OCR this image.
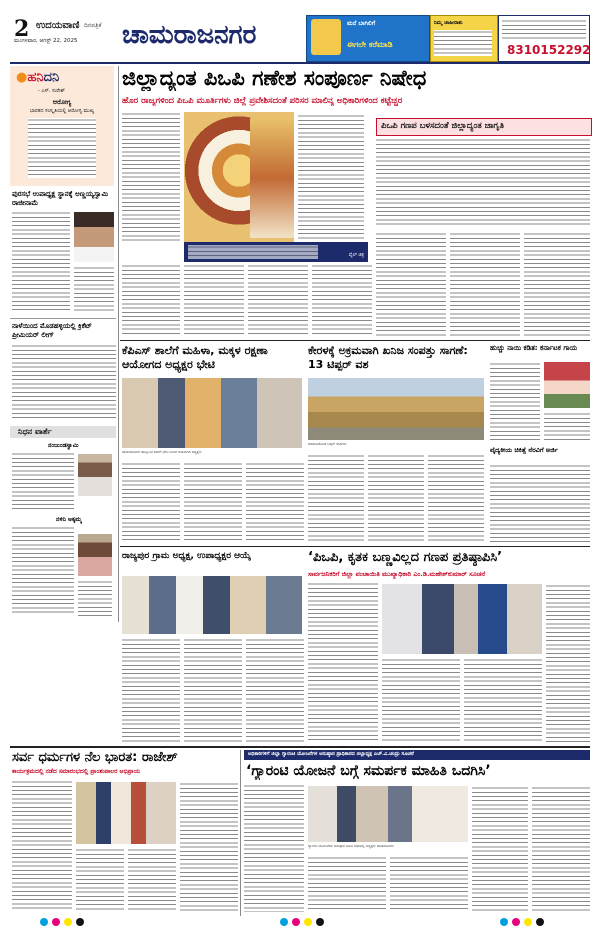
2 ಉದಯವಾಣಿ ದಿನಪತ್ರಿಕೆ
ಮಂಗಳವಾರ, ಆಗಸ್ಟ್ 22, 2025 ಚಾಮರಾಜನಗರ	ಮನೆ ಬಾಗಿಲಿಗೆ
ಈಗಲೇ ಕರೆಮಾಡಿ
ನಿಮ್ಮ ಜಾಹೀರಾತು
8310152292
●ಹನಿದನಿ
- ಎಸ್. ಸುರೇಶ್
ಆರೋಗ್ಯ
ಭಾರತದ ಸಂಸ್ಕೃತಿಯಲ್ಲಿ ಆರೋಗ್ಯ ಮುಖ್ಯ
ಪುರಸಭೆ ಉಪಾಧ್ಯಕ್ಷ ಸ್ಥಾನಕ್ಕೆ ಅಣ್ಣಯ್ಯಸ್ವಾಮಿ ರಾಜೀನಾಮೆ
ನಾಳೆಯಿಂದ ಮೊಡಹಳ್ಳಿಯಲ್ಲಿ ಕ್ರಿಕೆಟ್ ಪ್ರೀಮಿಯರ್ ಲೀಗ್
ನಿಧನ ವಾರ್ತೆ
ನಂಜುಂಡಸ್ವಾಮಿ
ನಳಿನಿ ಅಕ್ಕಮ್ಮ
ಜಿಲ್ಲಾದ್ಯಂತ ಪಿಒಪಿ ಗಣೇಶ ಸಂಪೂರ್ಣ ನಿಷೇಧ
ಹೊರ ರಾಜ್ಯಗಳಿಂದ ಪಿಒಪಿ ಮೂರ್ತಿಗಳು ಜಿಲ್ಲೆ ಪ್ರವೇಶಿಸದಂತೆ ಪರಿಸರ ಮಾಲಿನ್ಯ ಅಧಿಕಾರಿಗಳಿಂದ ಕಟ್ಟೆಚ್ಚರ
ಫೈಲ್ ಚಿತ್ರ
ಪಿಒಪಿ ಗಣಪ ಬಳಸದಂತೆ ಜಿಲ್ಲಾದ್ಯಂತ ಜಾಗೃತಿ
ಕೆಪಿಎಸ್ ಶಾಲೆಗೆ ಮಹಿಳಾ, ಮಕ್ಕಳ ರಕ್ಷಣಾ ಆಯೋಗದ ಅಧ್ಯಕ್ಷರ ಭೇಟಿ
ಚಾಮರಾಜನಗರ ತಾಲ್ಲೂಕಿನ ಶಾಲೆಗೆ ಭೇಟಿ ನೀಡಿದ ಆಯೋಗದ ಅಧ್ಯಕ್ಷರು
ಕೇರಳಕ್ಕೆ ಅಕ್ರಮವಾಗಿ ಖನಿಜ ಸಂಪತ್ತು ಸಾಗಣೆ: 13 ಟಿಪ್ಪರ್ ವಶ
ವಶಪಡಿಸಿಕೊಂಡ ಟಿಪ್ಪರ್ ಲಾರಿಗಳು
ಹುಚ್ಚು ನಾಯಿ ಕಡಿತ: ಕರ್ನಾಟಕ ಗಾಯ
ವೈದ್ಯಕೀಯ ಚಿಕಿತ್ಸೆ ನೆರವಿಗೆ ಅರ್ಜಿ
ರಾಜ್ಯಪುರ ಗ್ರಾಮ ಅಧ್ಯಕ್ಷ, ಉಪಾಧ್ಯಕ್ಷರ ಆಯ್ಕೆ	‘ಪಿಒಪಿ, ಕೃತಕ ಬಣ್ಣವಿಲ್ಲದ ಗಣಪ ಪ್ರತಿಷ್ಠಾಪಿಸಿ’
ಸಾರ್ವಜನಿಕರಿಗೆ ಜಿಲ್ಲಾ ಪಂಚಾಯಿತಿ ಮುಖ್ಯಾಧಿಕಾರಿ ಎಂ.ಡಿ.ಮಹೇಶ್‌ಕುಮಾರ್ ಸೂಚನೆ
ಸರ್ವ ಧರ್ಮಗಳ ನೆಲ ಭಾರತ: ರಾಜೇಶ್
ಕಾರ್ಯಕ್ರಮದಲ್ಲಿ ನಡೆದ ಸಮಾರಂಭದಲ್ಲಿ ಪ್ರಾಂಶುಪಾಲರ ಅಭಿಪ್ರಾಯ
ಅಧಿಕಾರಿಗಳಿಗೆ ಜಿಲ್ಲಾ ಗ್ಯಾರಂಟಿ ಯೋಜನೆಗಳ ಅನುಷ್ಠಾನ ಪ್ರಾಧಿಕಾರದ ಜಿಲ್ಲಾಧ್ಯಕ್ಷ ಎಚ್.ವಿ.ಚಂದ್ರು ಸೂಚನೆ
‘ಗ್ಯಾರಂಟಿ ಯೋಜನೆ ಬಗ್ಗೆ ಸಮರ್ಪಕ ಮಾಹಿತಿ ಒದಗಿಸಿ’
ಗ್ಯಾರಂಟಿ ಯೋಜನೆಗಳ ಅನುಷ್ಠಾನ ಸಮಿತಿ ಸಭೆಯಲ್ಲಿ ಅಧ್ಯಕ್ಷರು ಮಾತನಾಡಿದರು
